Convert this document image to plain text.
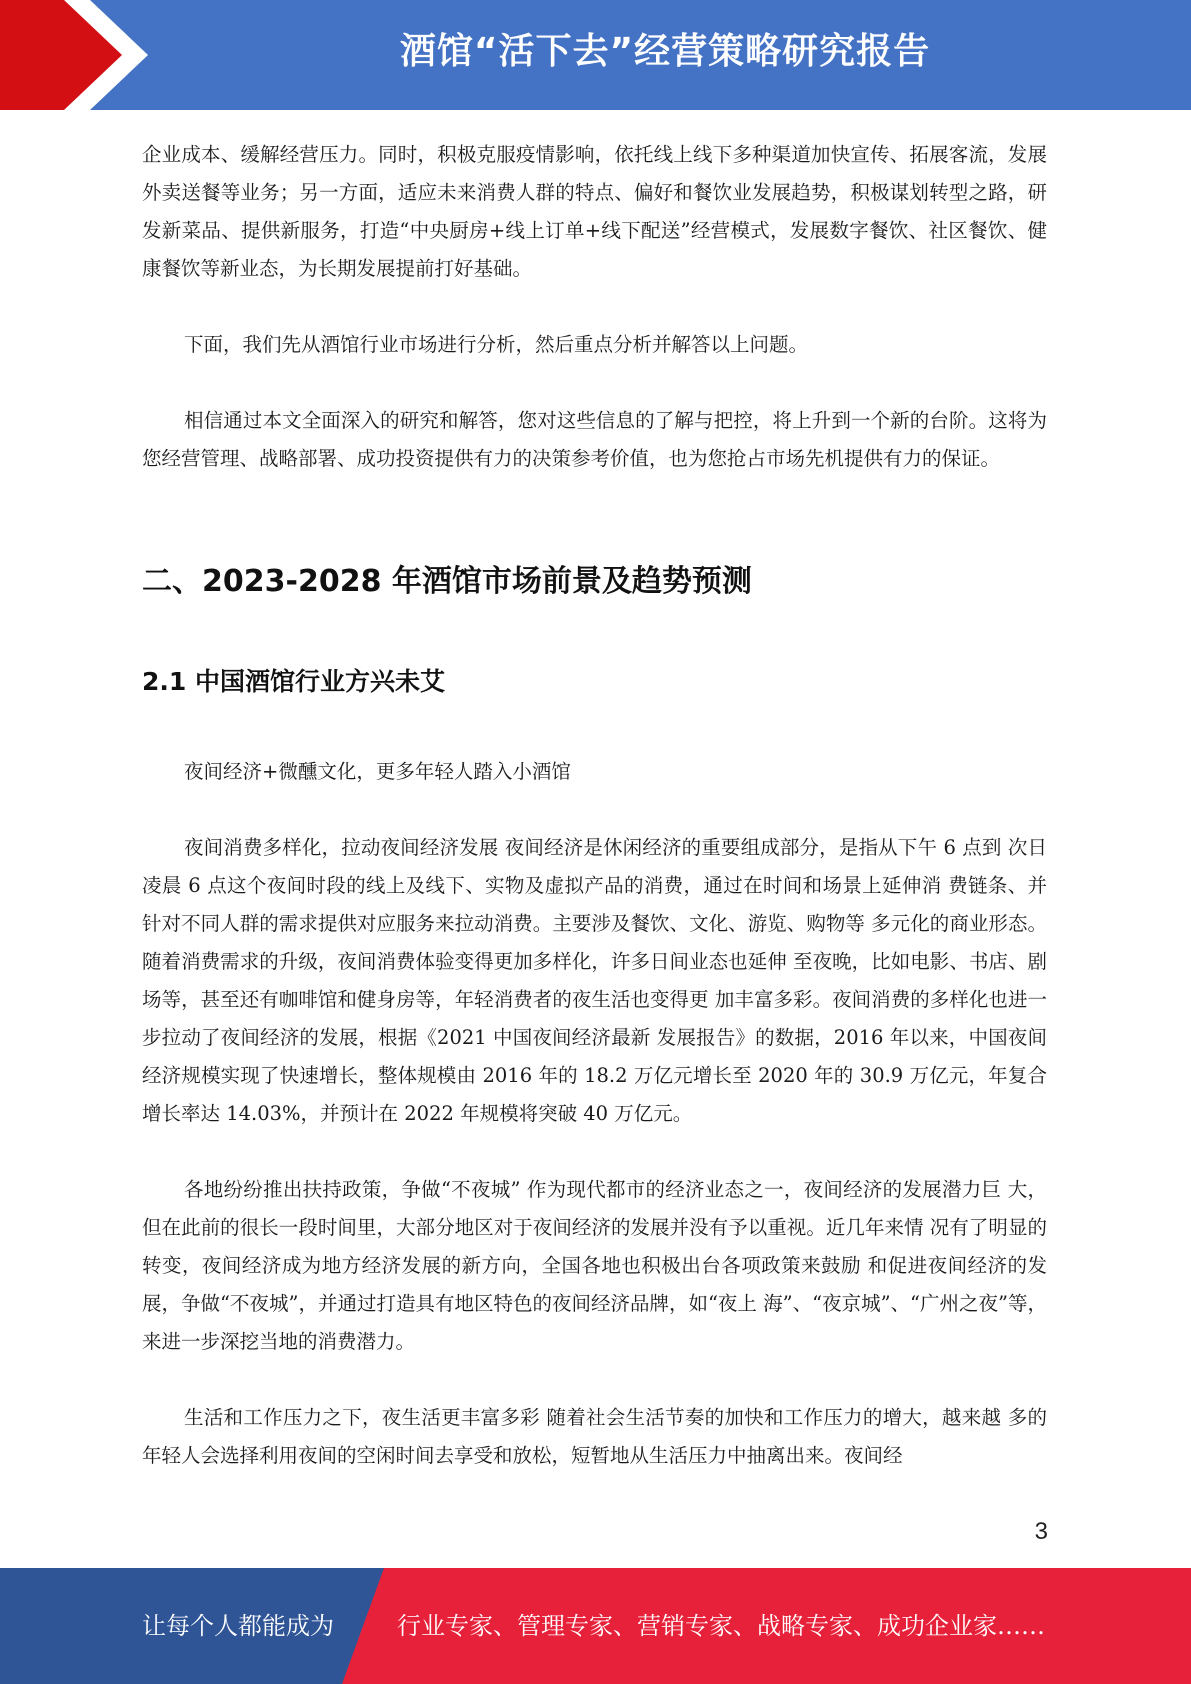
酒馆“活下去”经营策略研究报告

企业成本、缓解经营压力。同时，积极克服疫情影响，依托线上线下多种渠道加快宣传、拓展客流，发展外卖送餐等业务；另一方面，适应未来消费人群的特点、偏好和餐饮业发展趋势，积极谋划转型之路，研发新菜品、提供新服务，打造“中央厨房+线上订单+线下配送”经营模式，发展数字餐饮、社区餐饮、健康餐饮等新业态，为长期发展提前打好基础。

下面，我们先从酒馆行业市场进行分析，然后重点分析并解答以上问题。

相信通过本文全面深入的研究和解答，您对这些信息的了解与把控，将上升到一个新的台阶。这将为您经营管理、战略部署、成功投资提供有力的决策参考价值，也为您抢占市场先机提供有力的保证。

二、2023-2028 年酒馆市场前景及趋势预测
2.1 中国酒馆行业方兴未艾

夜间经济+微醺文化，更多年轻人踏入小酒馆

夜间消费多样化，拉动夜间经济发展 夜间经济是休闲经济的重要组成部分，是指从下午 6 点到 次日凌晨 6 点这个夜间时段的线上及线下、实物及虚拟产品的消费，通过在时间和场景上延伸消 费链条、并针对不同人群的需求提供对应服务来拉动消费。主要涉及餐饮、文化、游览、购物等 多元化的商业形态。随着消费需求的升级，夜间消费体验变得更加多样化，许多日间业态也延伸 至夜晚，比如电影、书店、剧场等，甚至还有咖啡馆和健身房等，年轻消费者的夜生活也变得更 加丰富多彩。夜间消费的多样化也进一步拉动了夜间经济的发展，根据《2021 中国夜间经济最新 发展报告》的数据，2016 年以来，中国夜间经济规模实现了快速增长，整体规模由 2016 年的 18.2 万亿元增长至 2020 年的 30.9 万亿元，年复合增长率达 14.03%，并预计在 2022 年规模将突破 40 万亿元。

各地纷纷推出扶持政策，争做“不夜城” 作为现代都市的经济业态之一，夜间经济的发展潜力巨 大，但在此前的很长一段时间里，大部分地区对于夜间经济的发展并没有予以重视。近几年来情 况有了明显的转变，夜间经济成为地方经济发展的新方向，全国各地也积极出台各项政策来鼓励 和促进夜间经济的发展，争做“不夜城”，并通过打造具有地区特色的夜间经济品牌，如“夜上 海”、“夜京城”、“广州之夜”等，来进一步深挖当地的消费潜力。

生活和工作压力之下，夜生活更丰富多彩 随着社会生活节奏的加快和工作压力的增大，越来越 多的年轻人会选择利用夜间的空闲时间去享受和放松，短暂地从生活压力中抽离出来。夜间经

3
让每个人都能成为	行业专家、管理专家、营销专家、战略专家、成功企业家……
